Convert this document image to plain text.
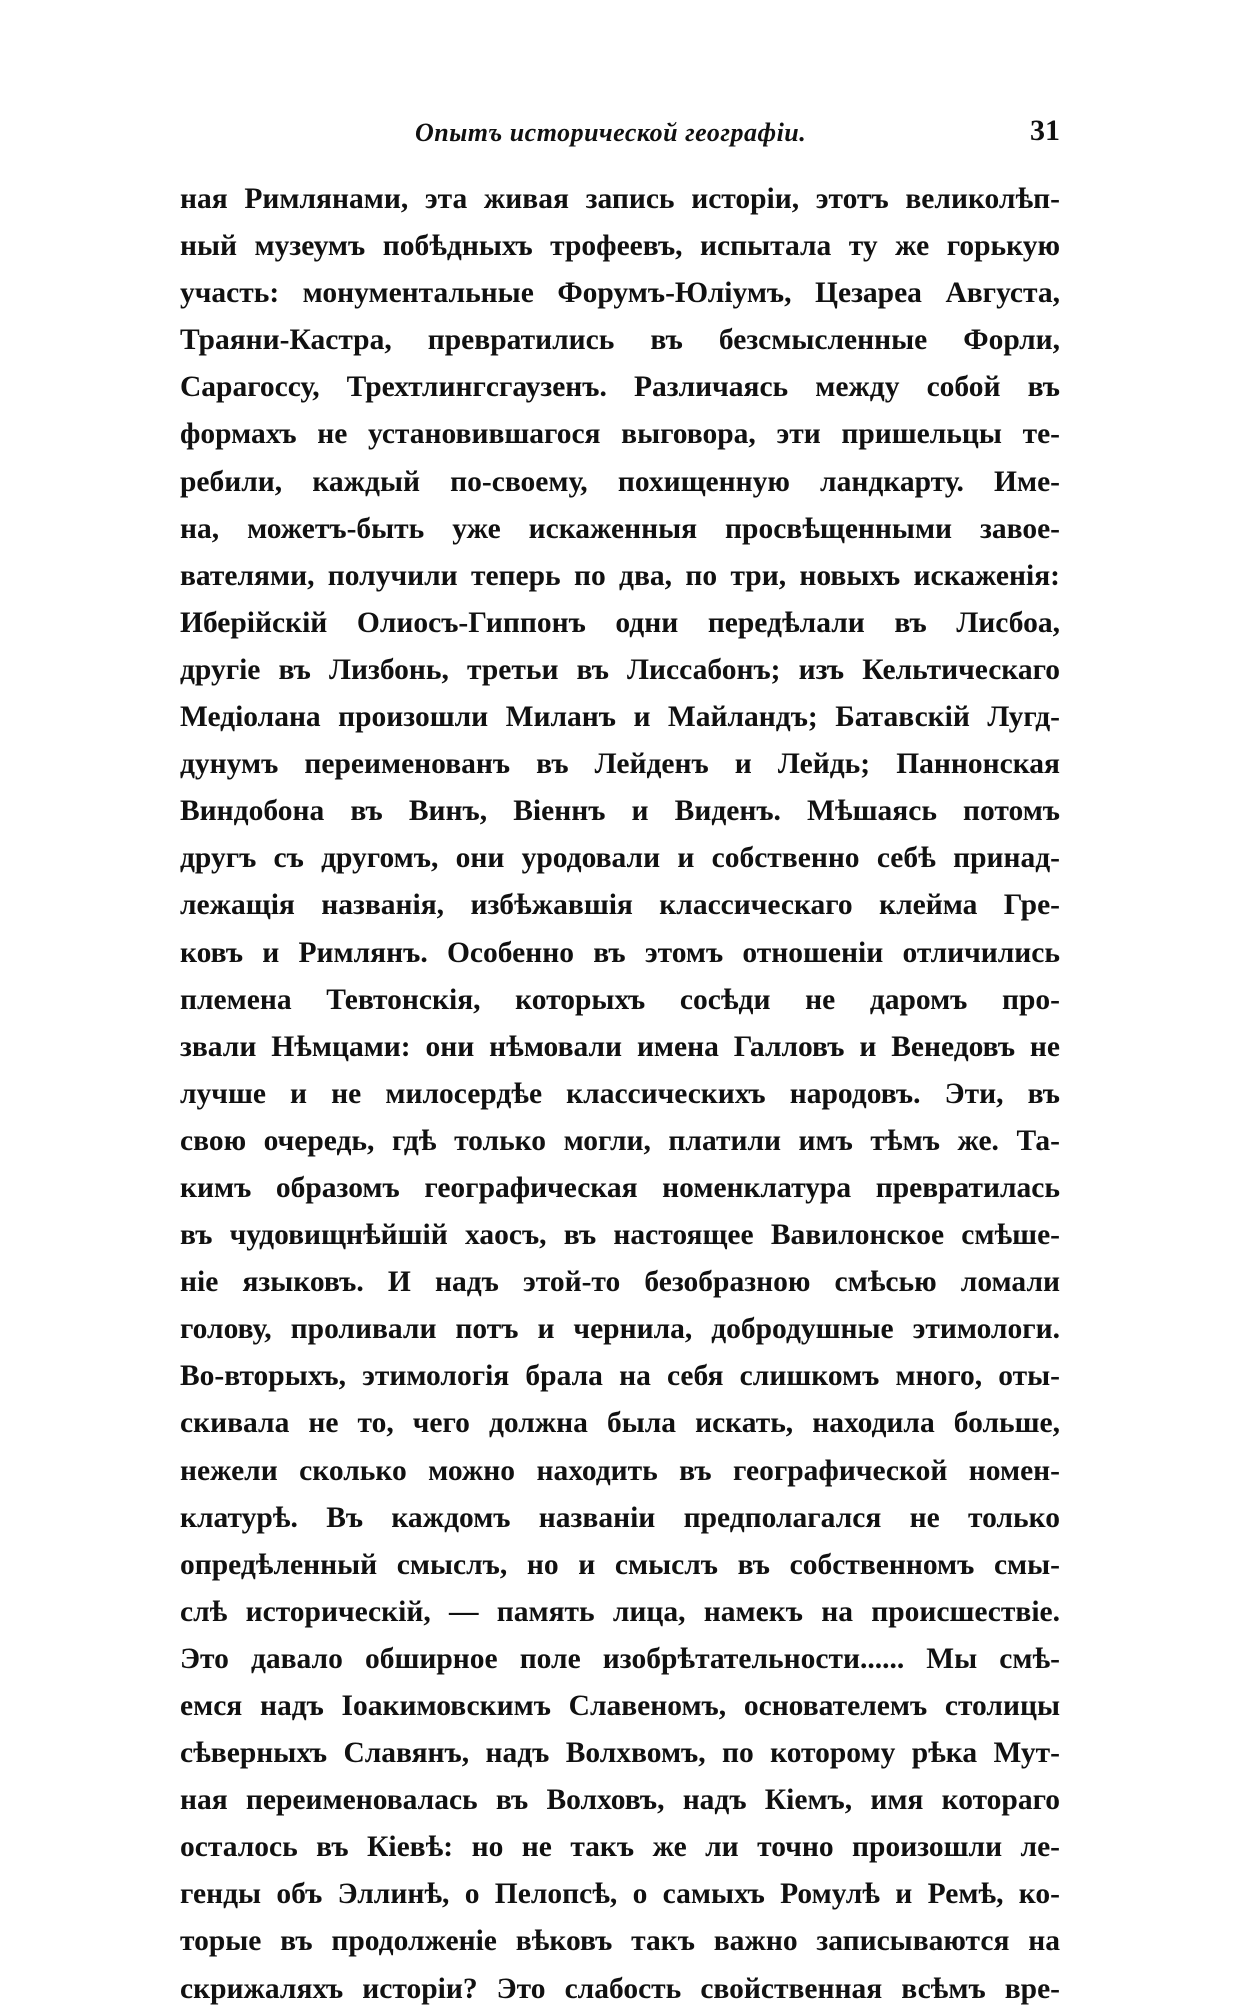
Опытъ исторической географіи.	31
ная Римлянами, эта живая запись исторіи, этотъ великолѣп-
ный музеумъ побѣдныхъ трофеевъ, испытала ту же горькую
участь: монументальные Форумъ-Юліумъ, Цезареа Августа,
Траяни-Кастра, превратились въ безсмысленные Форли,
Сарагоссу, Трехтлингсгаузенъ. Различаясь между собой въ
формахъ не установившагося выговора, эти пришельцы те-
ребили, каждый по-своему, похищенную ландкарту. Име-
на, можетъ-быть уже искаженныя просвѣщенными завое-
вателями, получили теперь по два, по три, новыхъ искаженія:
Иберійскій Олиосъ-Гиппонъ одни передѣлали въ Лисбоа,
другіе въ Лизбонь, третьи въ Лиссабонъ; изъ Кельтическаго
Медіолана произошли Миланъ и Майландъ; Батавскій Лугд-
дунумъ переименованъ въ Лейденъ и Лейдь; Паннонская
Виндобона въ Винъ, Віеннъ и Виденъ. Мѣшаясь потомъ
другъ съ другомъ, они уродовали и собственно себѣ принад-
лежащія названія, избѣжавшія классическаго клейма Гре-
ковъ и Римлянъ. Особенно въ этомъ отношеніи отличились
племена Тевтонскія, которыхъ сосѣди не даромъ про-
звали Нѣмцами: они нѣмовали имена Галловъ и Венедовъ не
лучше и не милосердѣе классическихъ народовъ. Эти, въ
свою очередь, гдѣ только могли, платили имъ тѣмъ же. Та-
кимъ образомъ географическая номенклатура превратилась
въ чудовищнѣйшій хаосъ, въ настоящее Вавилонское смѣше-
ніе языковъ. И надъ этой-то безобразною смѣсью ломали
голову, проливали потъ и чернила, добродушные этимологи.
Во-вторыхъ, этимологія брала на себя слишкомъ много, оты-
скивала не то, чего должна была искать, находила больше,
нежели сколько можно находить въ географической номен-
клатурѣ. Въ каждомъ названіи предполагался не только
опредѣленный смыслъ, но и смыслъ въ собственномъ смы-
слѣ историческій, — память лица, намекъ на происшествіе.
Это давало обширное поле изобрѣтательности...... Мы смѣ-
емся надъ Іоакимовскимъ Славеномъ, основателемъ столицы
сѣверныхъ Славянъ, надъ Волхвомъ, по которому рѣка Мут-
ная переименовалась въ Волховъ, надъ Кіемъ, имя котораго
осталось въ Кіевѣ: но не такъ же ли точно произошли ле-
генды объ Эллинѣ, о Пелопсѣ, о самыхъ Ромулѣ и Ремѣ, ко-
торые въ продолженіе вѣковъ такъ важно записываются на
скрижаляхъ исторіи? Это слабость свойственная всѣмъ вре-
